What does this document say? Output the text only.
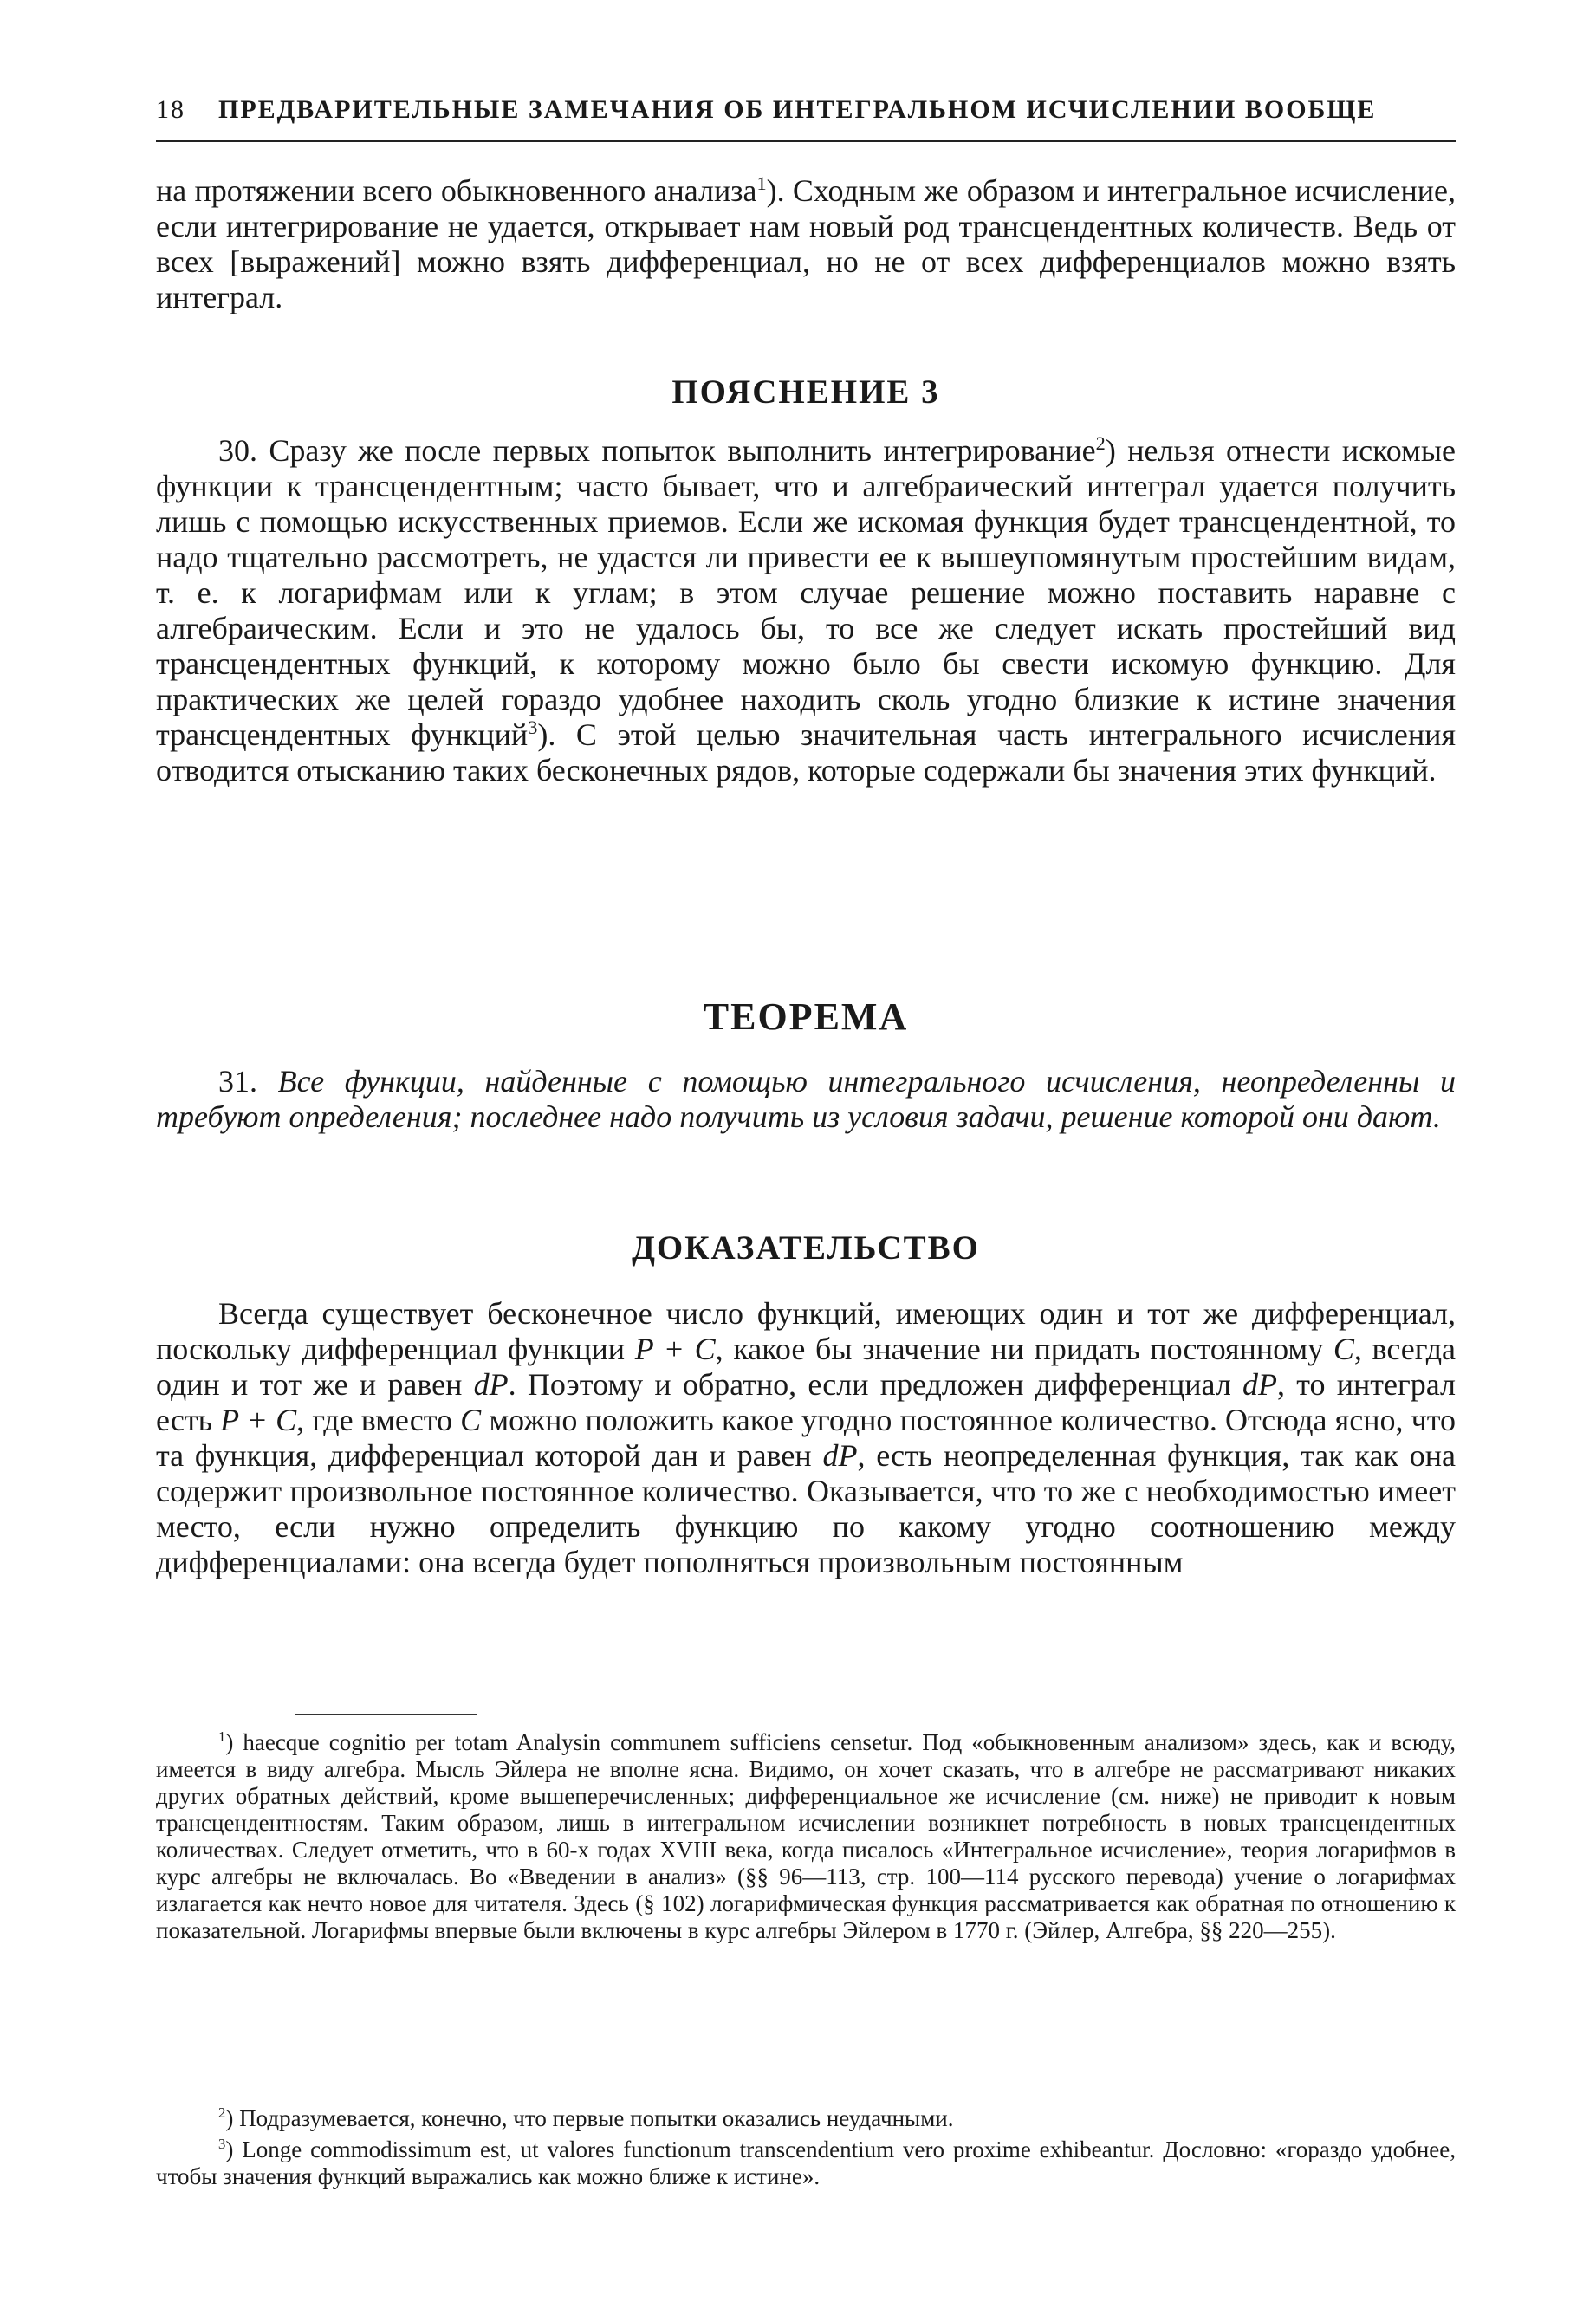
18 ПРЕДВАРИТЕЛЬНЫЕ ЗАМЕЧАНИЯ ОБ ИНТЕГРАЛЬНОМ ИСЧИСЛЕНИИ ВООБЩЕ

на протяжении всего обыкновенного анализа$^1$). Сходным же образом и интегральное исчисление, если интегрирование не удается, открывает нам новый род трансцендентных количеств. Ведь от всех [выражений] можно взять дифференциал, но не от всех дифференциалов можно взять интеграл.

ПОЯСНЕНИЕ 3

30. Сразу же после первых попыток выполнить интегрирование$^2$) нельзя отнести искомые функции к трансцендентным; часто бывает, что и алгебраический интеграл удается получить лишь с помощью искусственных приемов. Если же искомая функция будет трансцендентной, то надо тщательно рассмотреть, не удастся ли привести ее к вышеупомянутым простейшим видам, т. е. к логарифмам или к углам; в этом случае решение можно поставить наравне с алгебраическим. Если и это не удалось бы, то все же следует искать простейший вид трансцендентных функций, к которому можно было бы свести искомую функцию. Для практических же целей гораздо удобнее находить сколь угодно близкие к истине значения трансцендентных функций$^3$). С этой целью значительная часть интегрального исчисления отводится отысканию таких бесконечных рядов, которые содержали бы значения этих функций.

ТЕОРЕМА

31. Все функции, найденные с помощью интегрального исчисления, неопределенны и требуют определения; последнее надо получить из условия задачи, решение которой они дают.

ДОКАЗАТЕЛЬСТВО

Всегда существует бесконечное число функций, имеющих один и тот же дифференциал, поскольку дифференциал функции P + C, какое бы значение ни придать постоянному C, всегда один и тот же и равен dP. Поэтому и обратно, если предложен дифференциал dP, то интеграл есть P + C, где вместо C можно положить какое угодно постоянное количество. Отсюда ясно, что та функция, дифференциал которой дан и равен dP, есть неопределенная функция, так как она содержит произвольное постоянное количество. Оказывается, что то же с необходимостью имеет место, если нужно определить функцию по какому угодно соотношению между дифференциалами: она всегда будет пополняться произвольным постоянным

$^1$) haecque cognitio per totam Analysin communem sufficiens censetur. Под «обыкновенным анализом» здесь, как и всюду, имеется в виду алгебра. Мысль Эйлера не вполне ясна. Видимо, он хочет сказать, что в алгебре не рассматривают никаких других обратных действий, кроме вышеперечисленных; дифференциальное же исчисление (см. ниже) не приводит к новым трансцендентностям. Таким образом, лишь в интегральном исчислении возникнет потребность в новых трансцендентных количествах. Следует отметить, что в 60-х годах XVIII века, когда писалось «Интегральное исчисление», теория логарифмов в курс алгебры не включалась. Во «Введении в анализ» (§§ 96—113, стр. 100—114 русского перевода) учение о логарифмах излагается как нечто новое для читателя. Здесь (§ 102) логарифмическая функция рассматривается как обратная по отношению к показательной. Логарифмы впервые были включены в курс алгебры Эйлером в 1770 г. (Эйлер, Алгебра, §§ 220—255).

$^2$) Подразумевается, конечно, что первые попытки оказались неудачными.

$^3$) Longe commodissimum est, ut valores functionum transcendentium vero proxime exhibeantur. Дословно: «гораздо удобнее, чтобы значения функций выражались как можно ближе к истине».
